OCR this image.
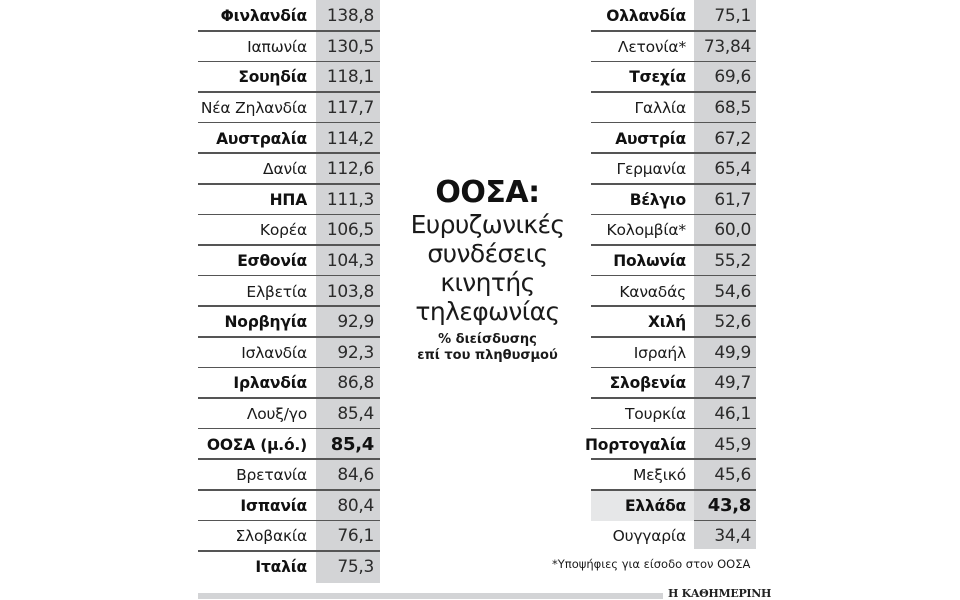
Φινλανδία	138,8
Ιαπωνία	130,5
Σουηδία	118,1
Νέα Ζηλανδία	117,7
Αυστραλία	114,2
Δανία	112,6
ΗΠΑ	111,3
Κορέα	106,5
Εσθονία	104,3
Ελβετία	103,8
Νορβηγία	92,9
Ισλανδία	92,3
Ιρλανδία	86,8
Λουξ/γο	85,4
ΟΟΣΑ (μ.ό.)	85,4
Βρετανία	84,6
Ισπανία	80,4
Σλοβακία	76,1
Ιταλία	75,3
ΟΟΣΑ:
Ευρυζωνικές
συνδέσεις
κινητής
τηλεφωνίας
% διείσδυσης
επί του πληθυσμού
Ολλανδία	75,1
Λετονία*	73,84
Τσεχία	69,6
Γαλλία	68,5
Αυστρία	67,2
Γερμανία	65,4
Βέλγιο	61,7
Κολομβία*	60,0
Πολωνία	55,2
Καναδάς	54,6
Χιλή	52,6
Ισραήλ	49,9
Σλοβενία	49,7
Τουρκία	46,1
Πορτογαλία	45,9
Μεξικό	45,6
Ελλάδα	43,8
Ουγγαρία	34,4
*Υποψήφιες για είσοδο στον ΟΟΣΑ
Η ΚΑΘΗΜΕΡΙΝΗ
